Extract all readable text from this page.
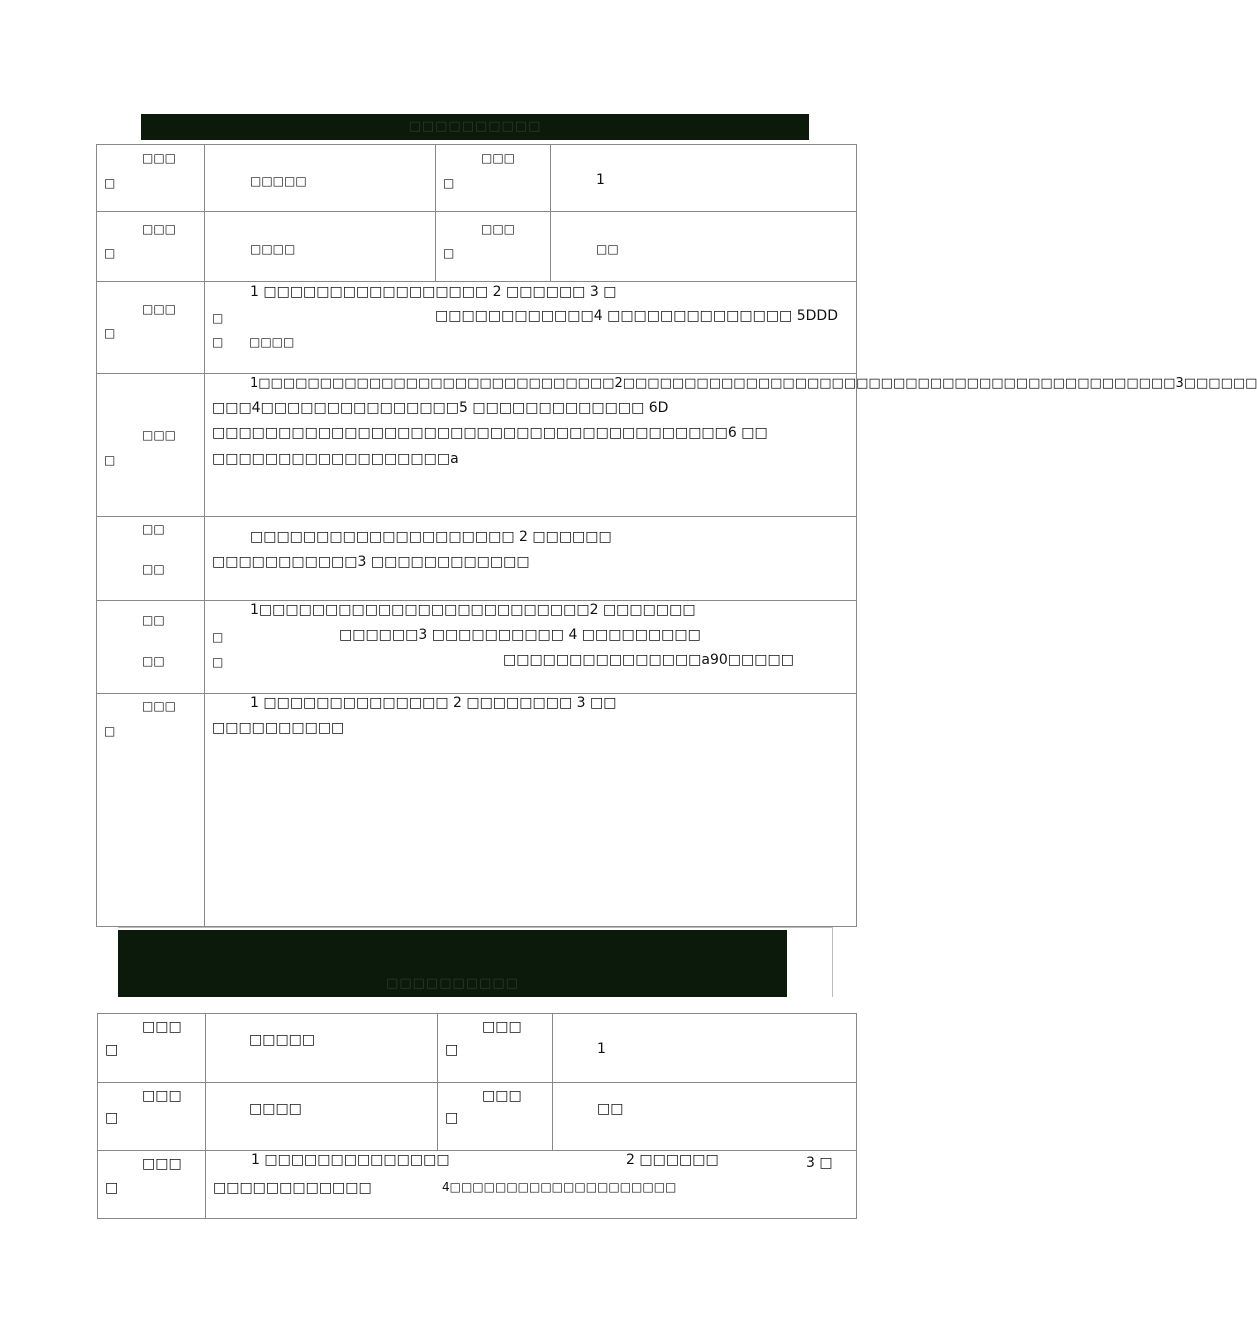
□□□□□□□□□□
□□□
□	□□□□□	□□□
□	1

□□□
□	□□□□	□□□
□	□□

□□□
□	1 □□□□□□□□□□□□□□□□□ 2 □□□□□□ 3 □
□ □□□□□□□□□□□□4 □□□□□□□□□□□□□□ 5DDD
□ □□□□		

□□□
□	1□□□□□□□□□□□□□□□□□□□□□□□□□□□□□2□□□□□□□□□□□□□□□□□□□□□□□□□□□□□□□□□□□□□□□□□□□□□3□□□□□□
□□□4□□□□□□□□□□□□□□□5 □□□□□□□□□□□□□ 6D
□□□□□□□□□□□□□□□□□□□□□□□□□□□□□□□□□□□□□□□6 □□
□□□□□□□□□□□□□□□□□□a		

□□
□□	□□□□□□□□□□□□□□□□□□□□ 2 □□□□□□
□□□□□□□□□□□3 □□□□□□□□□□□□		

□□
□□	1□□□□□□□□□□□□□□□□□□□□□□□□□2 □□□□□□□
□ □□□□□□3 □□□□□□□□□□ 4 □□□□□□□□□
□ □□□□□□□□□□□□□□□a90□□□□□		

□□□
□	1 □□□□□□□□□□□□□□ 2 □□□□□□□□ 3 □□
□□□□□□□□□□		
□□□□□□□□□□
□□□
□	□□□□□	□□□
□	1

□□□
□	□□□□	□□□
□	□□

□□□
□	1 □□□□□□□□□□□□□□ 2 □□□□□□ 3 □
□□□□□□□□□□□□ 4□□□□□□□□□□□□□□□□□□□□		
